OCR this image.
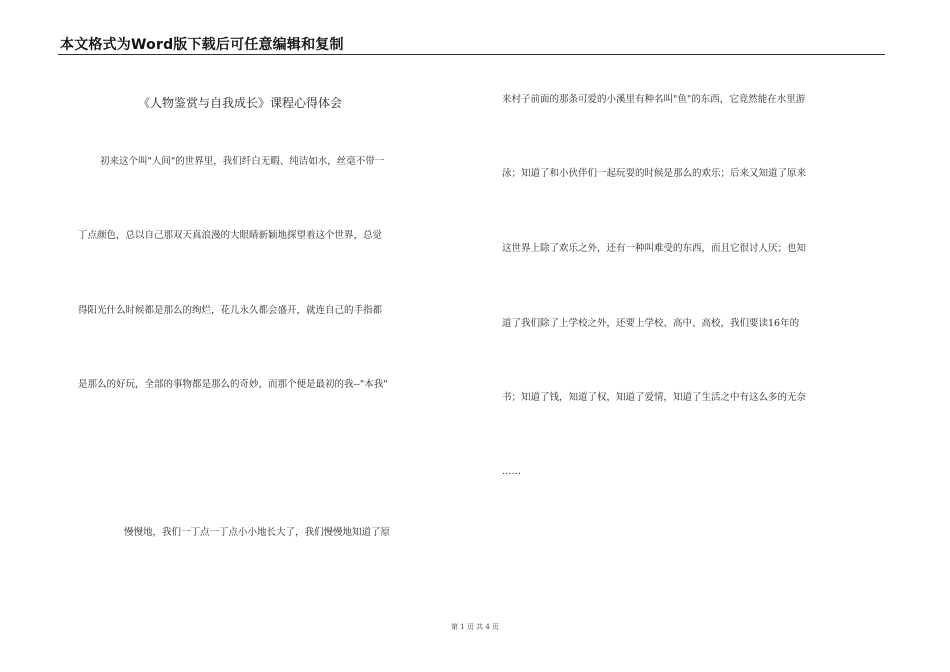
本文格式为Word版下载后可任意编辑和复制
《人物鉴赏与自我成长》课程心得体会
初来这个叫"人间"的世界里，我们纤白无暇、纯洁如水，丝毫不带一
丁点颜色，总以自己那双天真浪漫的大眼睛新颖地探望着这个世界，总觉
得阳光什么时候都是那么的绚烂，花儿永久都会盛开，就连自己的手指都
是那么的好玩，全部的事物都是那么的奇妙，而那个便是最初的我--"本我"
慢慢地，我们一丁点一丁点小小地长大了，我们慢慢地知道了原
来村子前面的那条可爱的小溪里有种名叫"鱼"的东西，它竟然能在水里游
泳；知道了和小伙伴们一起玩耍的时候是那么的欢乐；后来又知道了原来
这世界上除了欢乐之外，还有一种叫难受的东西，而且它很讨人厌；也知
道了我们除了上学校之外，还要上学校、高中、高校，我们要读16年的
书；知道了钱，知道了权，知道了爱情，知道了生活之中有这么多的无奈
……
第 1 页 共 4 页
